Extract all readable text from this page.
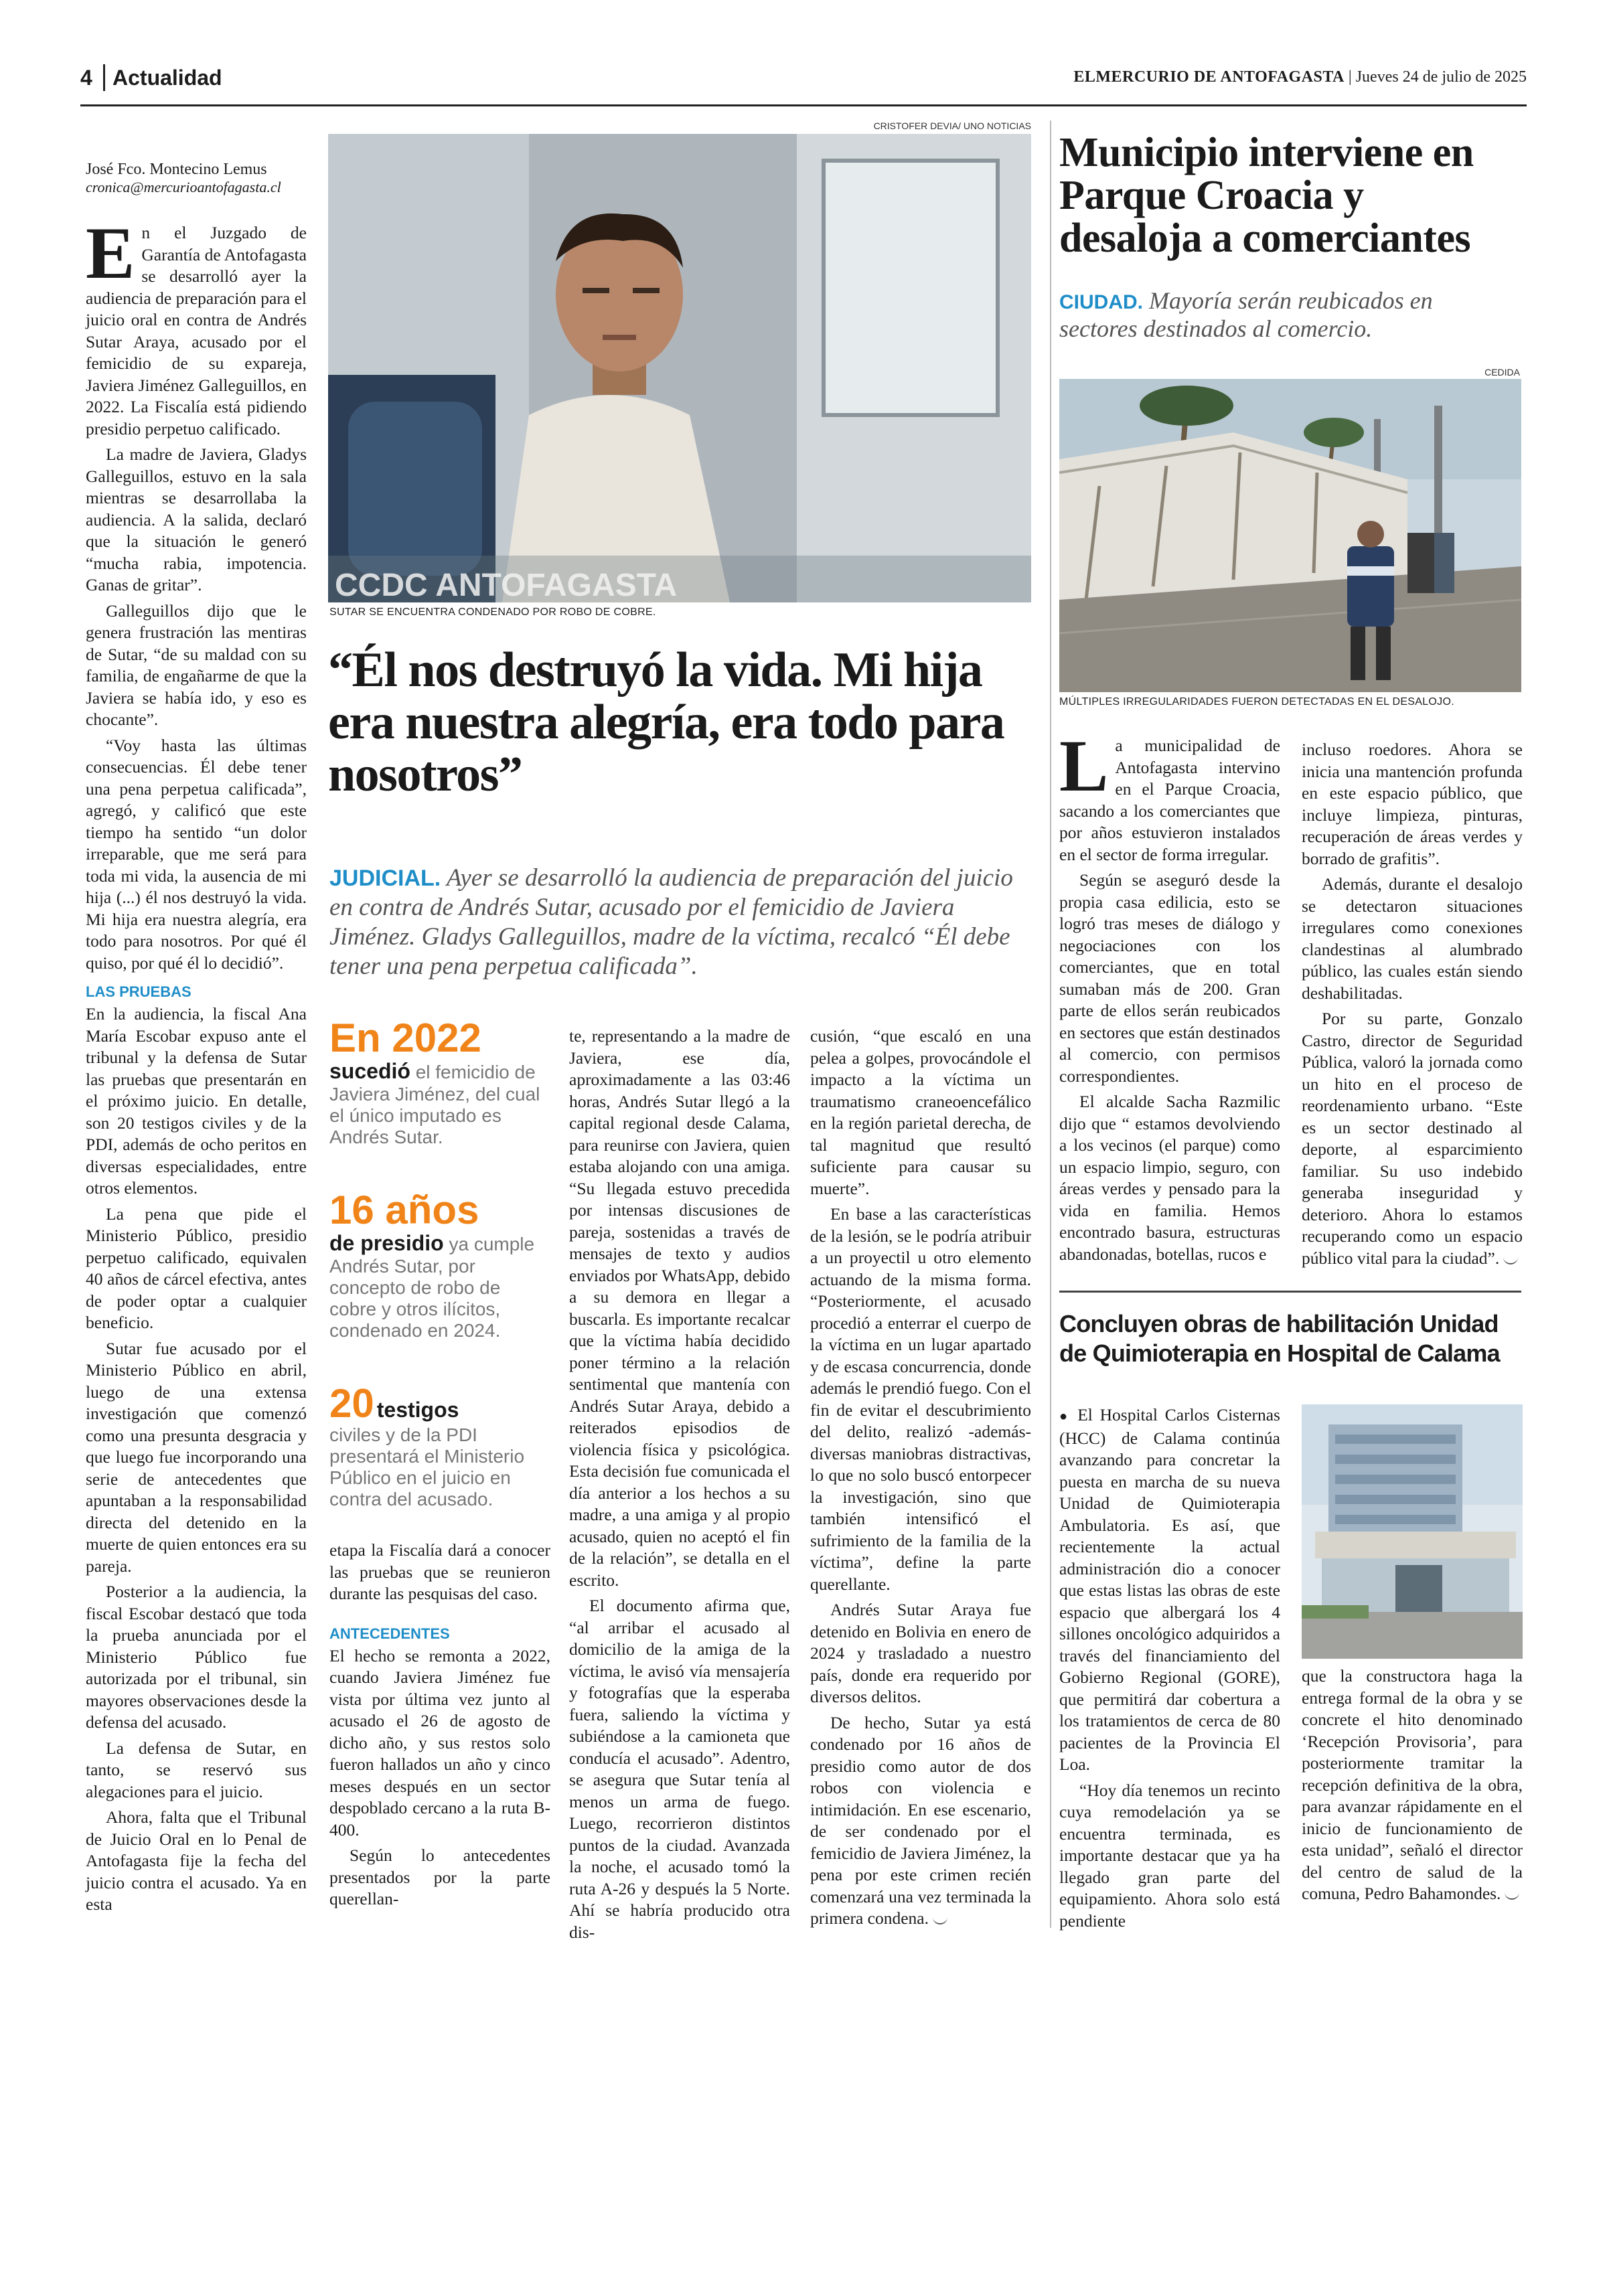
4 Actualidad	ELMERCURIO DE ANTOFAGASTA | Jueves 24 de julio de 2025
José Fco. Montecino Lemus
cronica@mercurioantofagasta.cl

En el Juzgado de Garantía de Antofagasta se desarrolló ayer la audiencia de preparación para el juicio oral en contra de Andrés Sutar Araya, acusado por el femicidio de su expareja, Javiera Jiménez Galleguillos, en 2022. La Fiscalía está pidiendo presidio perpetuo calificado.

La madre de Javiera, Gladys Galleguillos, estuvo en la sala mientras se desarrollaba la audiencia. A la salida, declaró que la situación le generó “mucha rabia, impotencia. Ganas de gritar”.

Galleguillos dijo que le genera frustración las mentiras de Sutar, “de su maldad con su familia, de engañarme de que la Javiera se había ido, y eso es chocante”.

“Voy hasta las últimas consecuencias. Él debe tener una pena perpetua calificada”, agregó, y calificó que este tiempo ha sentido “un dolor irreparable, que me será para toda mi vida, la ausencia de mi hija (...) él nos destruyó la vida. Mi hija era nuestra alegría, era todo para nosotros. Por qué él quiso, por qué él lo decidió”.

LAS PRUEBAS

En la audiencia, la fiscal Ana María Escobar expuso ante el tribunal y la defensa de Sutar las pruebas que presentarán en el próximo juicio. En detalle, son 20 testigos civiles y de la PDI, además de ocho peritos en diversas especialidades, entre otros elementos.

La pena que pide el Ministerio Público, presidio perpetuo calificado, equivalen 40 años de cárcel efectiva, antes de poder optar a cualquier beneficio.

Sutar fue acusado por el Ministerio Público en abril, luego de una extensa investigación que comenzó como una presunta desgracia y que luego fue incorporando una serie de antecedentes que apuntaban a la responsabilidad directa del detenido en la muerte de quien entonces era su pareja.

Posterior a la audiencia, la fiscal Escobar destacó que toda la prueba anunciada por el Ministerio Público fue autorizada por el tribunal, sin mayores observaciones desde la defensa del acusado.

La defensa de Sutar, en tanto, se reservó sus alegaciones para el juicio.

Ahora, falta que el Tribunal de Juicio Oral en lo Penal de Antofagasta fije la fecha del juicio contra el acusado. Ya en esta

CRISTOFER DEVIA/ UNO NOTICIAS
CCDC ANTOFAGASTA
SUTAR SE ENCUENTRA CONDENADO POR ROBO DE COBRE.
“Él nos destruyó la vida. Mi hija era nuestra alegría, era todo para nosotros”
JUDICIAL. Ayer se desarrolló la audiencia de preparación del juicio en contra de Andrés Sutar, acusado por el femicidio de Javiera Jiménez. Gladys Galleguillos, madre de la víctima, recalcó “Él debe tener una pena perpetua calificada”.
En 2022
sucedió el femicidio de Javiera Jiménez, del cual el único imputado es Andrés Sutar.
16 años
de presidio ya cumple Andrés Sutar, por concepto de robo de cobre y otros ilícitos, condenado en 2024.
20 testigos
civiles y de la PDI presentará el Ministerio Público en el juicio en contra del acusado.

etapa la Fiscalía dará a conocer las pruebas que se reunieron durante las pesquisas del caso.

ANTECEDENTES

El hecho se remonta a 2022, cuando Javiera Jiménez fue vista por última vez junto al acusado el 26 de agosto de dicho año, y sus restos solo fueron hallados un año y cinco meses después en un sector despoblado cercano a la ruta B-400.

Según lo antecedentes presentados por la parte querellan-

te, representando a la madre de Javiera, ese día, aproximadamente a las 03:46 horas, Andrés Sutar llegó a la capital regional desde Calama, para reunirse con Javiera, quien estaba alojando con una amiga. “Su llegada estuvo precedida por intensas discusiones de pareja, sostenidas a través de mensajes de texto y audios enviados por WhatsApp, debido a su demora en llegar a buscarla. Es importante recalcar que la víctima había decidido poner término a la relación sentimental que mantenía con Andrés Sutar Araya, debido a reiterados episodios de violencia física y psicológica. Esta decisión fue comunicada el día anterior a los hechos a su madre, a una amiga y al propio acusado, quien no aceptó el fin de la relación”, se detalla en el escrito.

El documento afirma que, “al arribar el acusado al domicilio de la amiga de la víctima, le avisó vía mensajería y fotografías que la esperaba fuera, saliendo la víctima y subiéndose a la camioneta que conducía el acusado”. Adentro, se asegura que Sutar tenía al menos un arma de fuego. Luego, recorrieron distintos puntos de la ciudad. Avanzada la noche, el acusado tomó la ruta A-26 y después la 5 Norte. Ahí se habría producido otra dis-

cusión, “que escaló en una pelea a golpes, provocándole el impacto a la víctima un traumatismo craneoencefálico en la región parietal derecha, de tal magnitud que resultó suficiente para causar su muerte”.

En base a las características de la lesión, se le podría atribuir a un proyectil u otro elemento actuando de la misma forma. “Posteriormente, el acusado procedió a enterrar el cuerpo de la víctima en un lugar apartado y de escasa concurrencia, donde además le prendió fuego. Con el fin de evitar el descubrimiento del delito, realizó -además- diversas maniobras distractivas, lo que no solo buscó entorpecer la investigación, sino que también intensificó el sufrimiento de la familia de la víctima”, define la parte querellante.

Andrés Sutar Araya fue detenido en Bolivia en enero de 2024 y trasladado a nuestro país, donde era requerido por diversos delitos.

De hecho, Sutar ya está condenado por 16 años de presidio como autor de dos robos con violencia e intimidación. En ese escenario, de ser condenado por el femicidio de Javiera Jiménez, la pena por este crimen recién comenzará una vez terminada la primera condena.

Municipio interviene en Parque Croacia y desaloja a comerciantes
CIUDAD. Mayoría serán reubicados en sectores destinados al comercio.
CEDIDA
MÚLTIPLES IRREGULARIDADES FUERON DETECTADAS EN EL DESALOJO.

La municipalidad de Antofagasta intervino en el Parque Croacia, sacando a los comerciantes que por años estuvieron instalados en el sector de forma irregular.

Según se aseguró desde la propia casa edilicia, esto se logró tras meses de diálogo y negociaciones con los comerciantes, que en total sumaban más de 200. Gran parte de ellos serán reubicados en sectores que están destinados al comercio, con permisos correspondientes.

El alcalde Sacha Razmilic dijo que “ estamos devolviendo a los vecinos (el parque) como un espacio limpio, seguro, con áreas verdes y pensado para la vida en familia. Hemos encontrado basura, estructuras abandonadas, botellas, rucos e

incluso roedores. Ahora se inicia una mantención profunda en este espacio público, que incluye limpieza, pinturas, recuperación de áreas verdes y borrado de grafitis”.

Además, durante el desalojo se detectaron situaciones irregulares como conexiones clandestinas al alumbrado público, las cuales están siendo deshabilitadas.

Por su parte, Gonzalo Castro, director de Seguridad Pública, valoró la jornada como un hito en el proceso de reordenamiento urbano. “Este es un sector destinado al deporte, al esparcimiento familiar. Su uso indebido generaba inseguridad y deterioro. Ahora lo estamos recuperando como un espacio público vital para la ciudad”.

Concluyen obras de habilitación Unidad de Quimioterapia en Hospital de Calama

● El Hospital Carlos Cisternas (HCC) de Calama continúa avanzando para concretar la puesta en marcha de su nueva Unidad de Quimioterapia Ambulatoria. Es así, que recientemente la actual administración dio a conocer que estas listas las obras de este espacio que albergará los 4 sillones oncológico adquiridos a través del financiamiento del Gobierno Regional (GORE), que permitirá dar cobertura a los tratamientos de cerca de 80 pacientes de la Provincia El Loa.

“Hoy día tenemos un recinto cuya remodelación ya se encuentra terminada, es importante destacar que ya ha llegado gran parte del equipamiento. Ahora solo está pendiente

que la constructora haga la entrega formal de la obra y se concrete el hito denominado ‘Recepción Provisoria’, para posteriormente tramitar la recepción definitiva de la obra, para avanzar rápidamente en el inicio de funcionamiento de esta unidad”, señaló el director del centro de salud de la comuna, Pedro Bahamondes.
